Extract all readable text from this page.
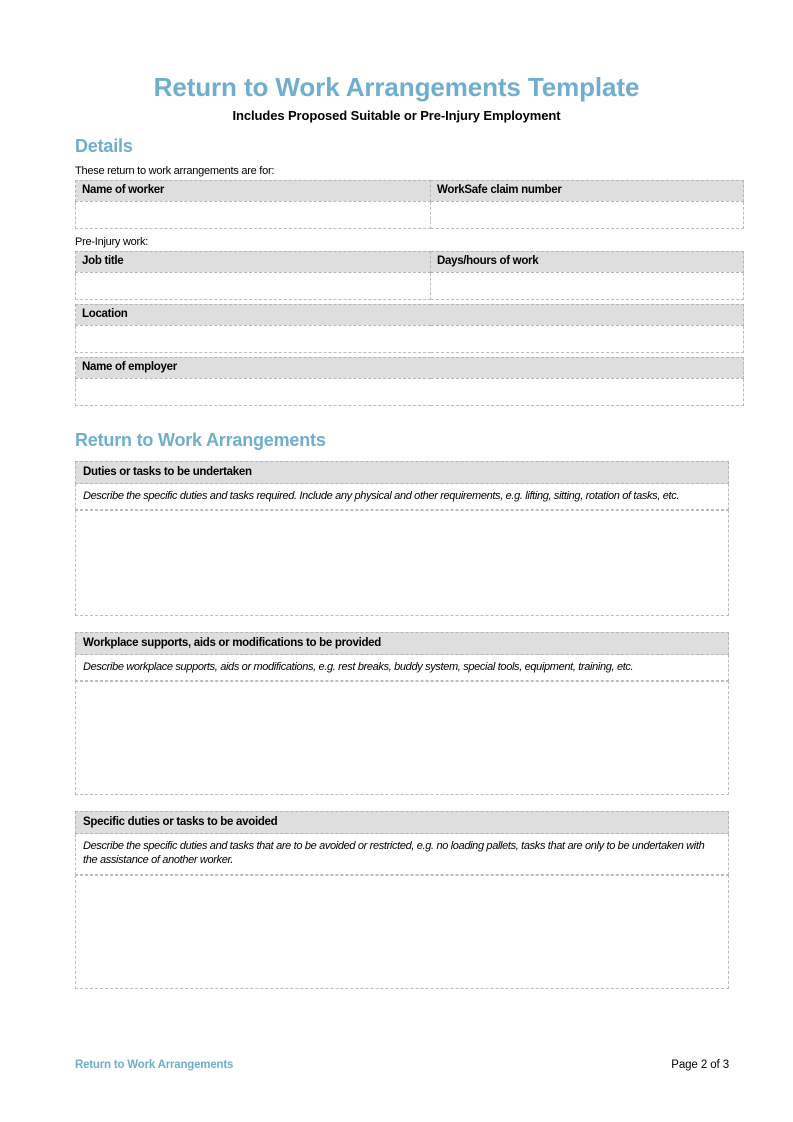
Return to Work Arrangements Template
Includes Proposed Suitable or Pre-Injury Employment
Details

These return to work arrangements are for:

Name of worker	WorkSafe claim number

Pre-Injury work:

Job title	Days/hours of work

Location	

Name of employer	

Return to Work Arrangements
Duties or tasks to be undertaken
Describe the specific duties and tasks required. Include any physical and other requirements, e.g. lifting, sitting, rotation of tasks, etc.
Workplace supports, aids or modifications to be provided
Describe workplace supports, aids or modifications, e.g. rest breaks, buddy system, special tools, equipment, training, etc.
Specific duties or tasks to be avoided
Describe the specific duties and tasks that are to be avoided or restricted, e.g. no loading pallets, tasks that are only to be undertaken with the assistance of another worker.
Return to Work Arrangements	Page 2 of 3
